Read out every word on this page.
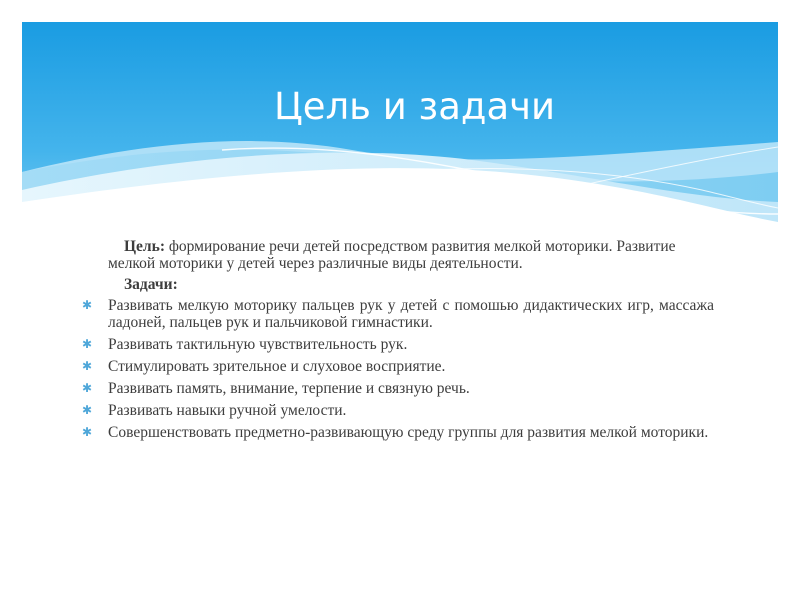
Цель и задачи

Цель: формирование речи детей посредством развития мелкой моторики. Развитие мелкой моторики у детей через различные виды деятельности.

Задачи:

✱ Развивать мелкую моторику пальцев рук у детей с помошью дидактических игр, массажа ладоней, пальцев рук и пальчиковой гимнастики.
✱ Развивать тактильную чувствительность рук.
✱ Стимулировать зрительное и слуховое восприятие.
✱ Развивать память, внимание, терпение и связную речь.
✱ Развивать навыки ручной умелости.
✱ Совершенствовать предметно-развивающую среду группы для развития мелкой моторики.
